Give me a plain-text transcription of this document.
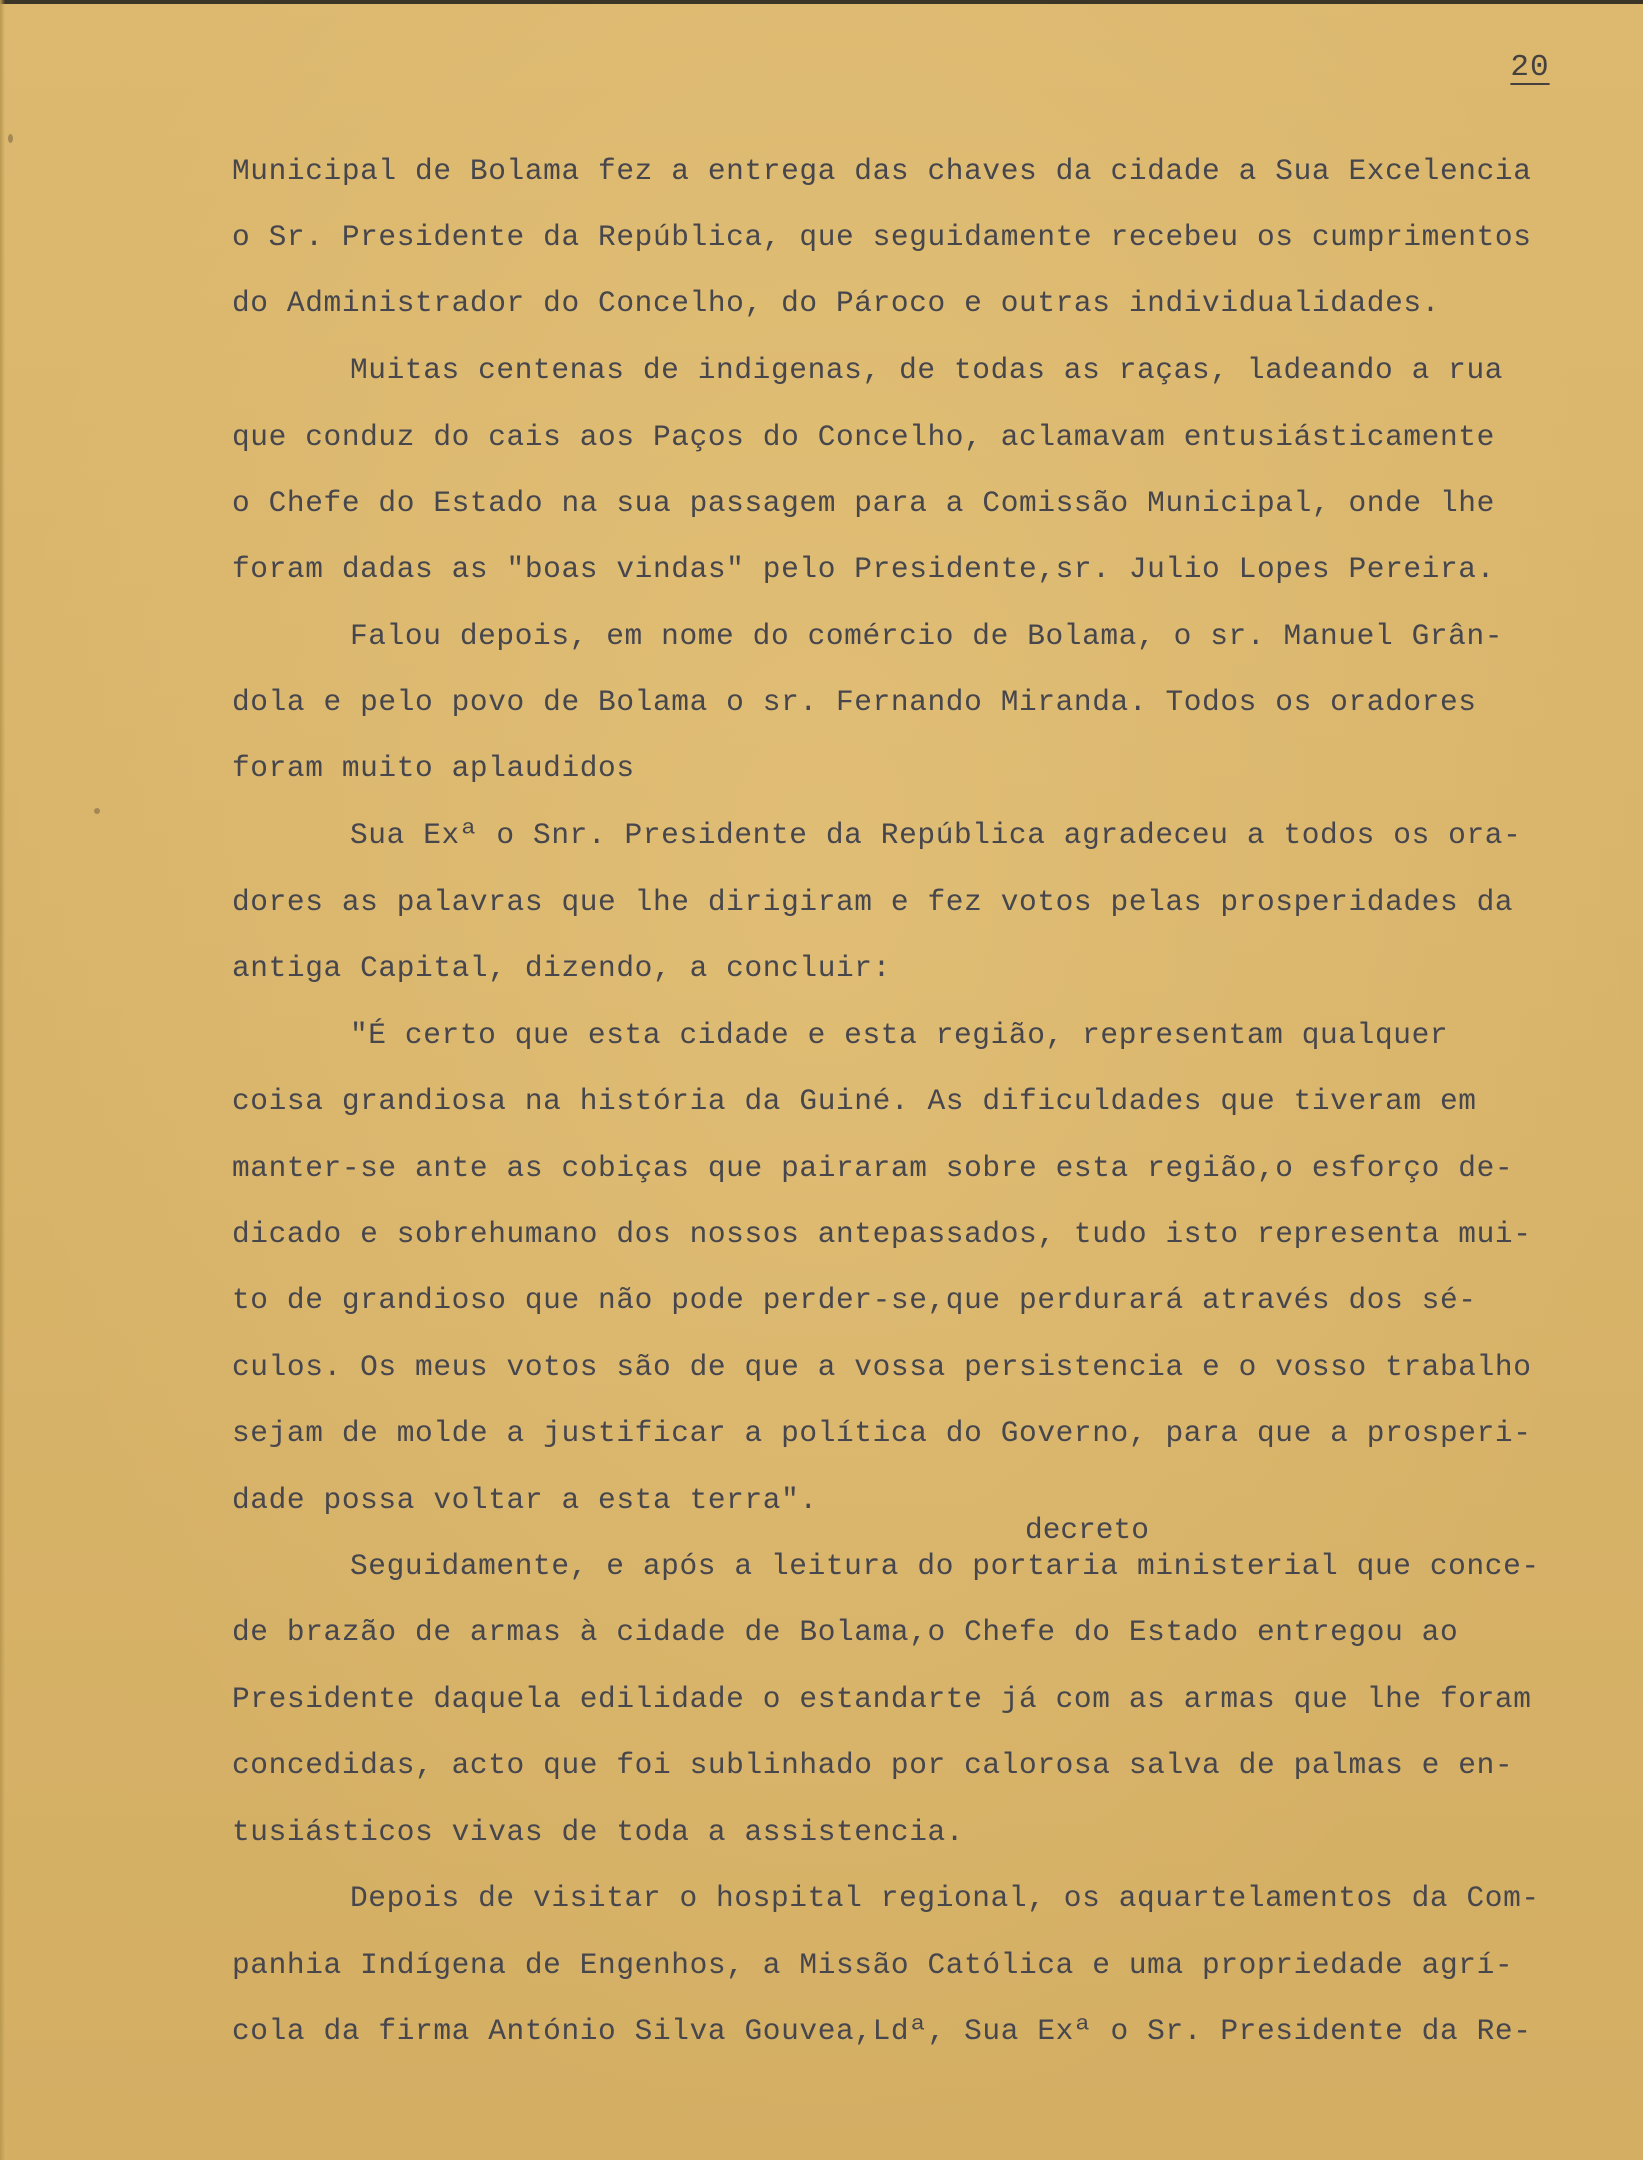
20
Municipal de Bolama fez a entrega das chaves da cidade a Sua Excelencia
o Sr. Presidente da República, que seguidamente recebeu os cumprimentos
do Administrador do Concelho, do Pároco e outras individualidades.
Muitas centenas de indigenas, de todas as raças, ladeando a rua
que conduz do cais aos Paços do Concelho, aclamavam entusiásticamente
o Chefe do Estado na sua passagem para a Comissão Municipal, onde lhe
foram dadas as "boas vindas" pelo Presidente,sr. Julio Lopes Pereira.
Falou depois, em nome do comércio de Bolama, o sr. Manuel Grân-
dola e pelo povo de Bolama o sr. Fernando Miranda. Todos os oradores
foram muito aplaudidos
Sua Exª o Snr. Presidente da República agradeceu a todos os ora-
dores as palavras que lhe dirigiram e fez votos pelas prosperidades da
antiga Capital, dizendo, a concluir:
"É certo que esta cidade e esta região, representam qualquer
coisa grandiosa na história da Guiné. As dificuldades que tiveram em
manter-se ante as cobiças que pairaram sobre esta região,o esforço de-
dicado e sobrehumano dos nossos antepassados, tudo isto representa mui-
to de grandioso que não pode perder-se,que perdurará através dos sé-
culos. Os meus votos são de que a vossa persistencia e o vosso trabalho
sejam de molde a justificar a política do Governo, para que a prosperi-
dade possa voltar a esta terra".
decreto
Seguidamente, e após a leitura do portaria ministerial que conce-
de brazão de armas à cidade de Bolama,o Chefe do Estado entregou ao
Presidente daquela edilidade o estandarte já com as armas que lhe foram
concedidas, acto que foi sublinhado por calorosa salva de palmas e en-
tusiásticos vivas de toda a assistencia.
Depois de visitar o hospital regional, os aquartelamentos da Com-
panhia Indígena de Engenhos, a Missão Católica e uma propriedade agrí-
cola da firma António Silva Gouvea,Ldª, Sua Exª o Sr. Presidente da Re-
